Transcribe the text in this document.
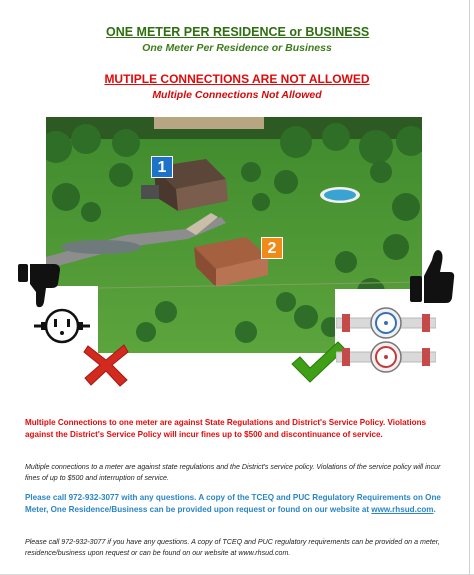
ONE METER PER RESIDENCE or BUSINESS
One Meter Per Residence or Business
MUTIPLE CONNECTIONS ARE NOT ALLOWED
Multiple Connections Not Allowed
1
2
Multiple Connections to one meter are against State Regulations and District's Service Policy. Violations against the District's Service Policy will incur fines up to $500 and discontinuance of service.
Multiple connections to a meter are against state regulations and the District's service policy. Violations of the service policy will incur fines of up to $500 and interruption of service.
Please call 972-932-3077 with any questions. A copy of the TCEQ and PUC Regulatory Requirements on One Meter, One Residence/Business can be provided upon request or found on our website at www.rhsud.com.
Please call 972-932-3077 if you have any questions. A copy of TCEQ and PUC regulatory requirements can be provided on a meter, residence/business upon request or can be found on our website at www.rhsud.com.
